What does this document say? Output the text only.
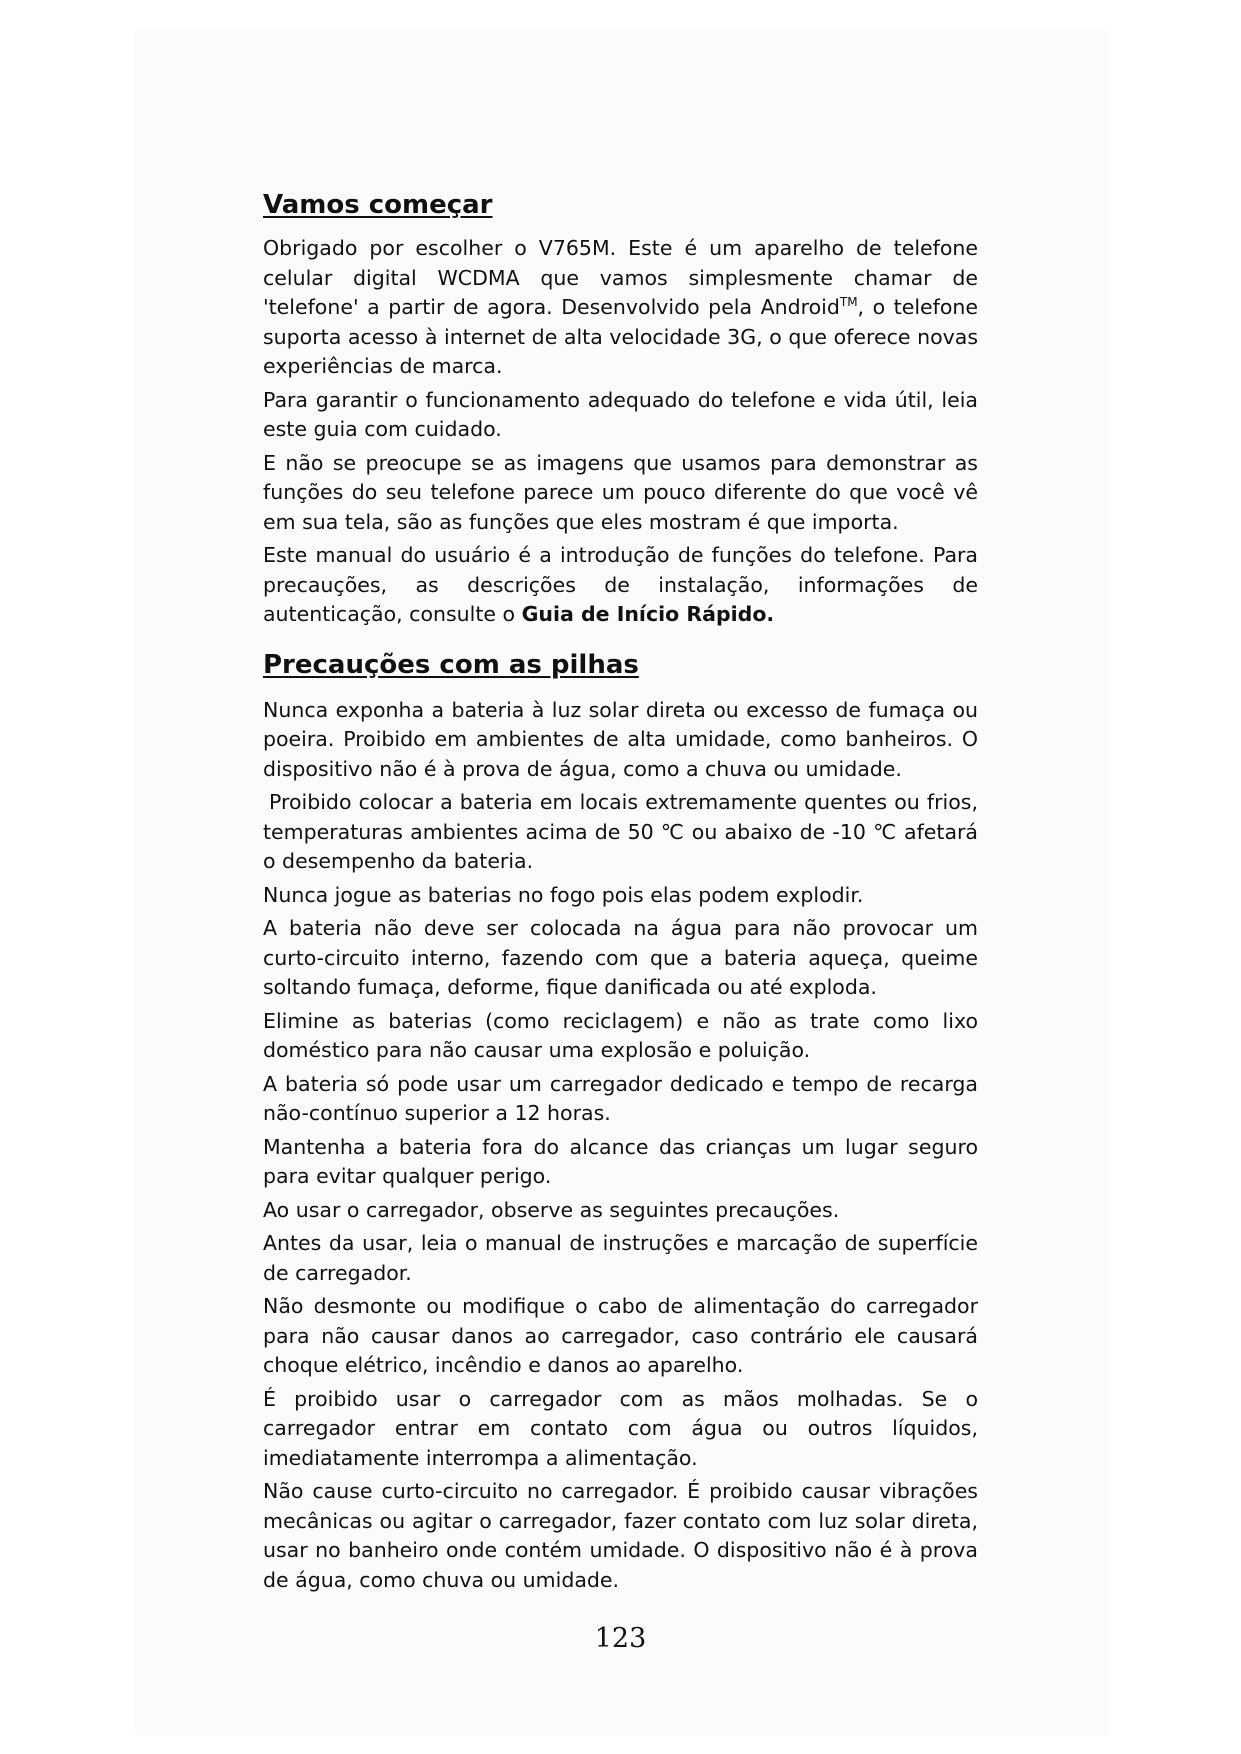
Vamos começar

Obrigado por escolher o V765M. Este é um aparelho de telefone celular digital WCDMA que vamos simplesmente chamar de 'telefone' a partir de agora. Desenvolvido pela Android™, o telefone suporta acesso à internet de alta velocidade 3G, o que oferece novas experiências de marca.

Para garantir o funcionamento adequado do telefone e vida útil, leia este guia com cuidado.

E não se preocupe se as imagens que usamos para demonstrar as funções do seu telefone parece um pouco diferente do que você vê em sua tela, são as funções que eles mostram é que importa.

Este manual do usuário é a introdução de funções do telefone. Para precauções, as descrições de instalação, informações de autenticação, consulte o Guia de Início Rápido.

Precauções com as pilhas

Nunca exponha a bateria à luz solar direta ou excesso de fumaça ou poeira. Proibido em ambientes de alta umidade, como banheiros. O dispositivo não é à prova de água, como a chuva ou umidade.

Proibido colocar a bateria em locais extremamente quentes ou frios, temperaturas ambientes acima de 50 ℃ ou abaixo de -10 ℃ afetará o desempenho da bateria.

Nunca jogue as baterias no fogo pois elas podem explodir.

A bateria não deve ser colocada na água para não provocar um curto-circuito interno, fazendo com que a bateria aqueça, queime soltando fumaça, deforme, fique danificada ou até exploda.

Elimine as baterias (como reciclagem) e não as trate como lixo doméstico para não causar uma explosão e poluição.

A bateria só pode usar um carregador dedicado e tempo de recarga não-contínuo superior a 12 horas.

Mantenha a bateria fora do alcance das crianças um lugar seguro para evitar qualquer perigo.

Ao usar o carregador, observe as seguintes precauções.

Antes da usar, leia o manual de instruções e marcação de superfície de carregador.

Não desmonte ou modifique o cabo de alimentação do carregador para não causar danos ao carregador, caso contrário ele causará choque elétrico, incêndio e danos ao aparelho.

É proibido usar o carregador com as mãos molhadas. Se o carregador entrar em contato com água ou outros líquidos, imediatamente interrompa a alimentação.

Não cause curto-circuito no carregador. É proibido causar vibrações mecânicas ou agitar o carregador, fazer contato com luz solar direta, usar no banheiro onde contém umidade. O dispositivo não é à prova de água, como chuva ou umidade.

123
